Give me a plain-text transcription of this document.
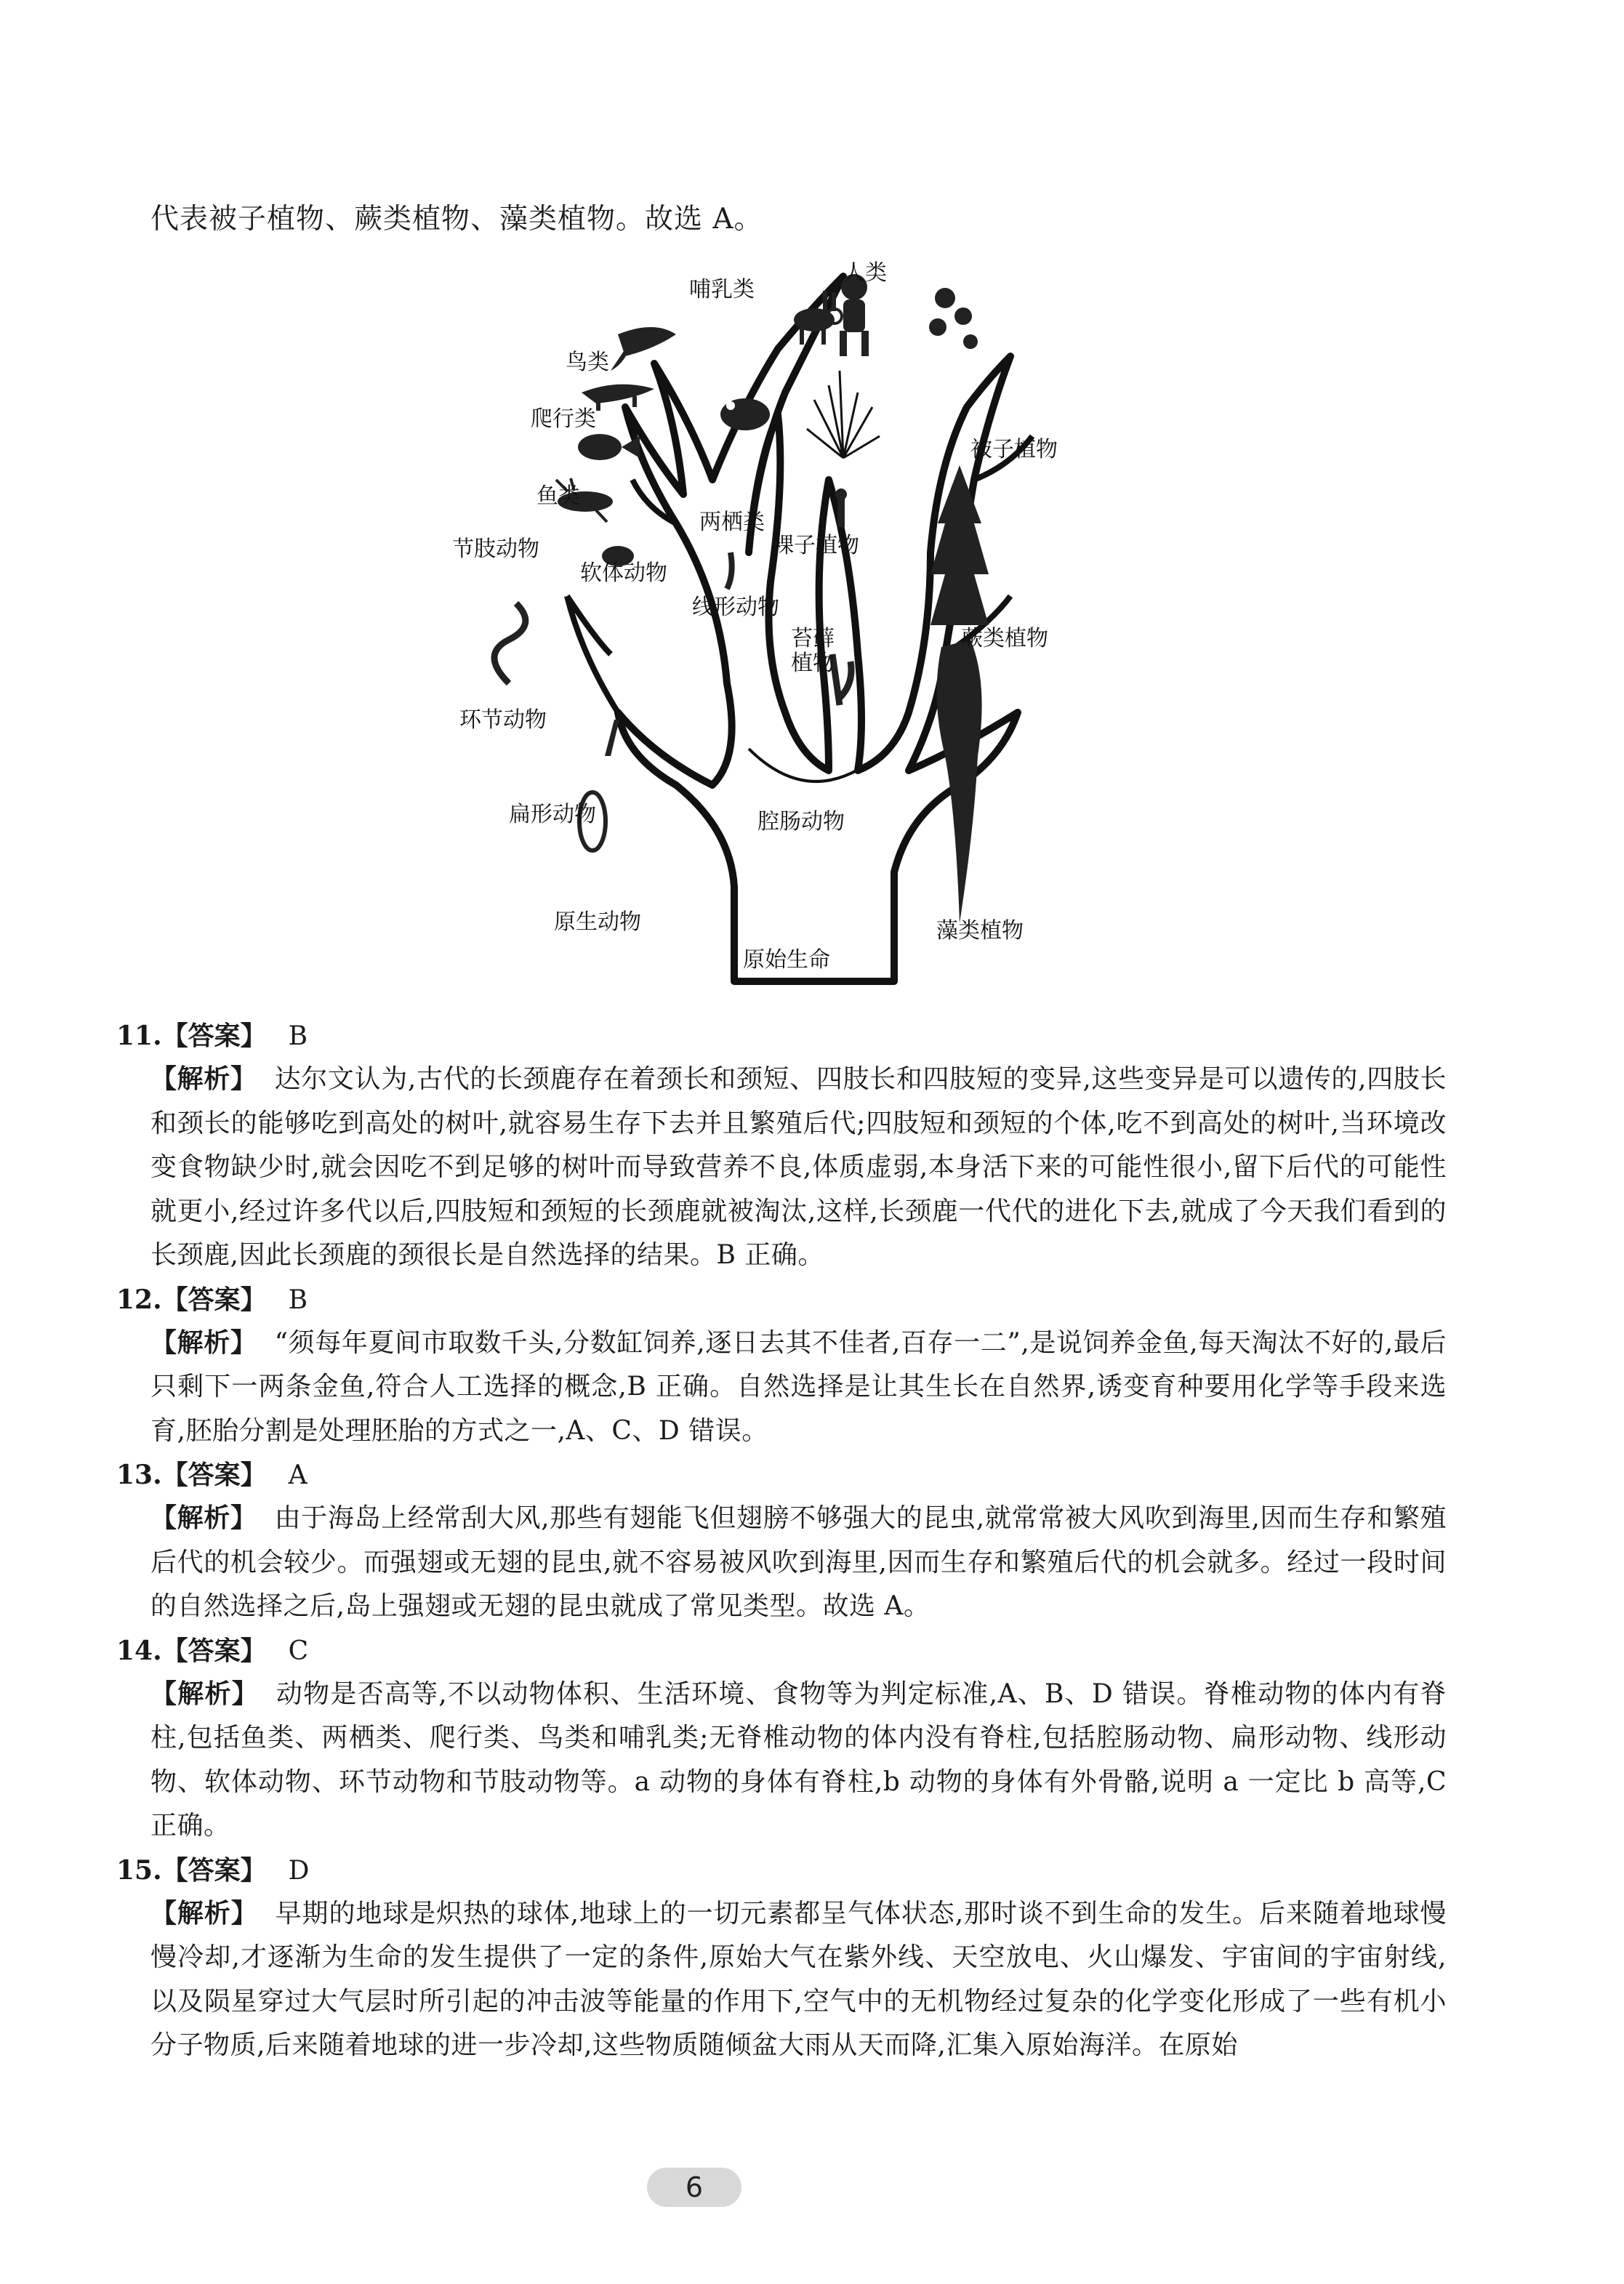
代表被子植物、蕨类植物、藻类植物。故选 A。
人类
哺乳类
鸟类
爬行类
鱼类
节肢动物
软体动物
两栖类
裸子植物
被子植物
线形动物
苔藓
植物
蕨类植物
环节动物
扁形动物	腔肠动物
原生动物	藻类植物
原始生命
11.【答案】 B
【解析】 达尔文认为,古代的长颈鹿存在着颈长和颈短、四肢长和四肢短的变异,这些变异是可以遗传的,四肢长和颈长的能够吃到高处的树叶,就容易生存下去并且繁殖后代;四肢短和颈短的个体,吃不到高处的树叶,当环境改变食物缺少时,就会因吃不到足够的树叶而导致营养不良,体质虚弱,本身活下来的可能性很小,留下后代的可能性就更小,经过许多代以后,四肢短和颈短的长颈鹿就被淘汰,这样,长颈鹿一代代的进化下去,就成了今天我们看到的长颈鹿,因此长颈鹿的颈很长是自然选择的结果。B 正确。
12.【答案】 B
【解析】 “须每年夏间市取数千头,分数缸饲养,逐日去其不佳者,百存一二”,是说饲养金鱼,每天淘汰不好的,最后只剩下一两条金鱼,符合人工选择的概念,B 正确。自然选择是让其生长在自然界,诱变育种要用化学等手段来选育,胚胎分割是处理胚胎的方式之一,A、C、D 错误。
13.【答案】 A
【解析】 由于海岛上经常刮大风,那些有翅能飞但翅膀不够强大的昆虫,就常常被大风吹到海里,因而生存和繁殖后代的机会较少。而强翅或无翅的昆虫,就不容易被风吹到海里,因而生存和繁殖后代的机会就多。经过一段时间的自然选择之后,岛上强翅或无翅的昆虫就成了常见类型。故选 A。
14.【答案】 C
【解析】 动物是否高等,不以动物体积、生活环境、食物等为判定标准,A、B、D 错误。脊椎动物的体内有脊柱,包括鱼类、两栖类、爬行类、鸟类和哺乳类;无脊椎动物的体内没有脊柱,包括腔肠动物、扁形动物、线形动物、软体动物、环节动物和节肢动物等。a 动物的身体有脊柱,b 动物的身体有外骨骼,说明 a 一定比 b 高等,C 正确。
15.【答案】 D
【解析】 早期的地球是炽热的球体,地球上的一切元素都呈气体状态,那时谈不到生命的发生。后来随着地球慢慢冷却,才逐渐为生命的发生提供了一定的条件,原始大气在紫外线、天空放电、火山爆发、宇宙间的宇宙射线,以及陨星穿过大气层时所引起的冲击波等能量的作用下,空气中的无机物经过复杂的化学变化形成了一些有机小分子物质,后来随着地球的进一步冷却,这些物质随倾盆大雨从天而降,汇集入原始海洋。在原始
6
